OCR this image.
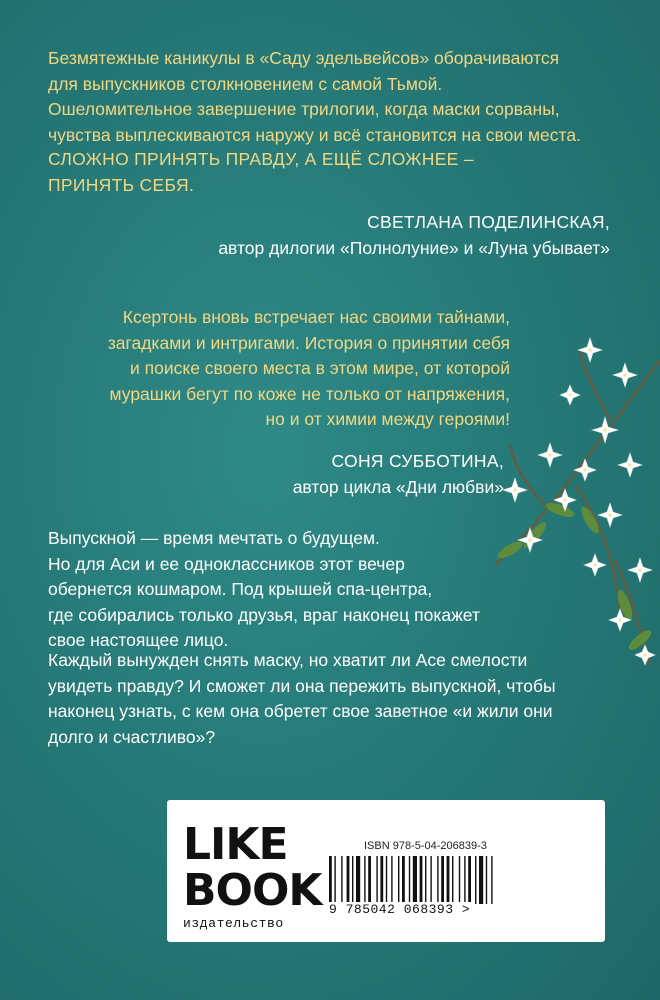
Безмятежные каникулы в «Саду эдельвейсов» оборачиваются
для выпускников столкновением с самой Тьмой.
Ошеломительное завершение трилогии, когда маски сорваны,
чувства выплескиваются наружу и всё становится на свои места.
СЛОЖНО ПРИНЯТЬ ПРАВДУ, А ЕЩЁ СЛОЖНЕЕ –
ПРИНЯТЬ СЕБЯ.
СВЕТЛАНА ПОДЕЛИНСКАЯ,
автор дилогии «Полнолуние» и «Луна убывает»
Ксертонь вновь встречает нас своими тайнами,
загадками и интригами. История о принятии себя
и поиске своего места в этом мире, от которой
мурашки бегут по коже не только от напряжения,
но и от химии между героями!
СОНЯ СУББОТИНА,
автор цикла «Дни любви»
Выпускной — время мечтать о будущем.
Но для Аси и ее одноклассников этот вечер
обернется кошмаром. Под крышей спа-центра,
где собирались только друзья, враг наконец покажет
свое настоящее лицо.
Каждый вынужден снять маску, но хватит ли Асе смелости
увидеть правду? И сможет ли она пережить выпускной, чтобы
наконец узнать, с кем она обретет свое заветное «и жили они
долго и счастливо»?
L I K E
B O O K
издательство
ISBN 978-5-04-206839-3
9 785042 068393 >
